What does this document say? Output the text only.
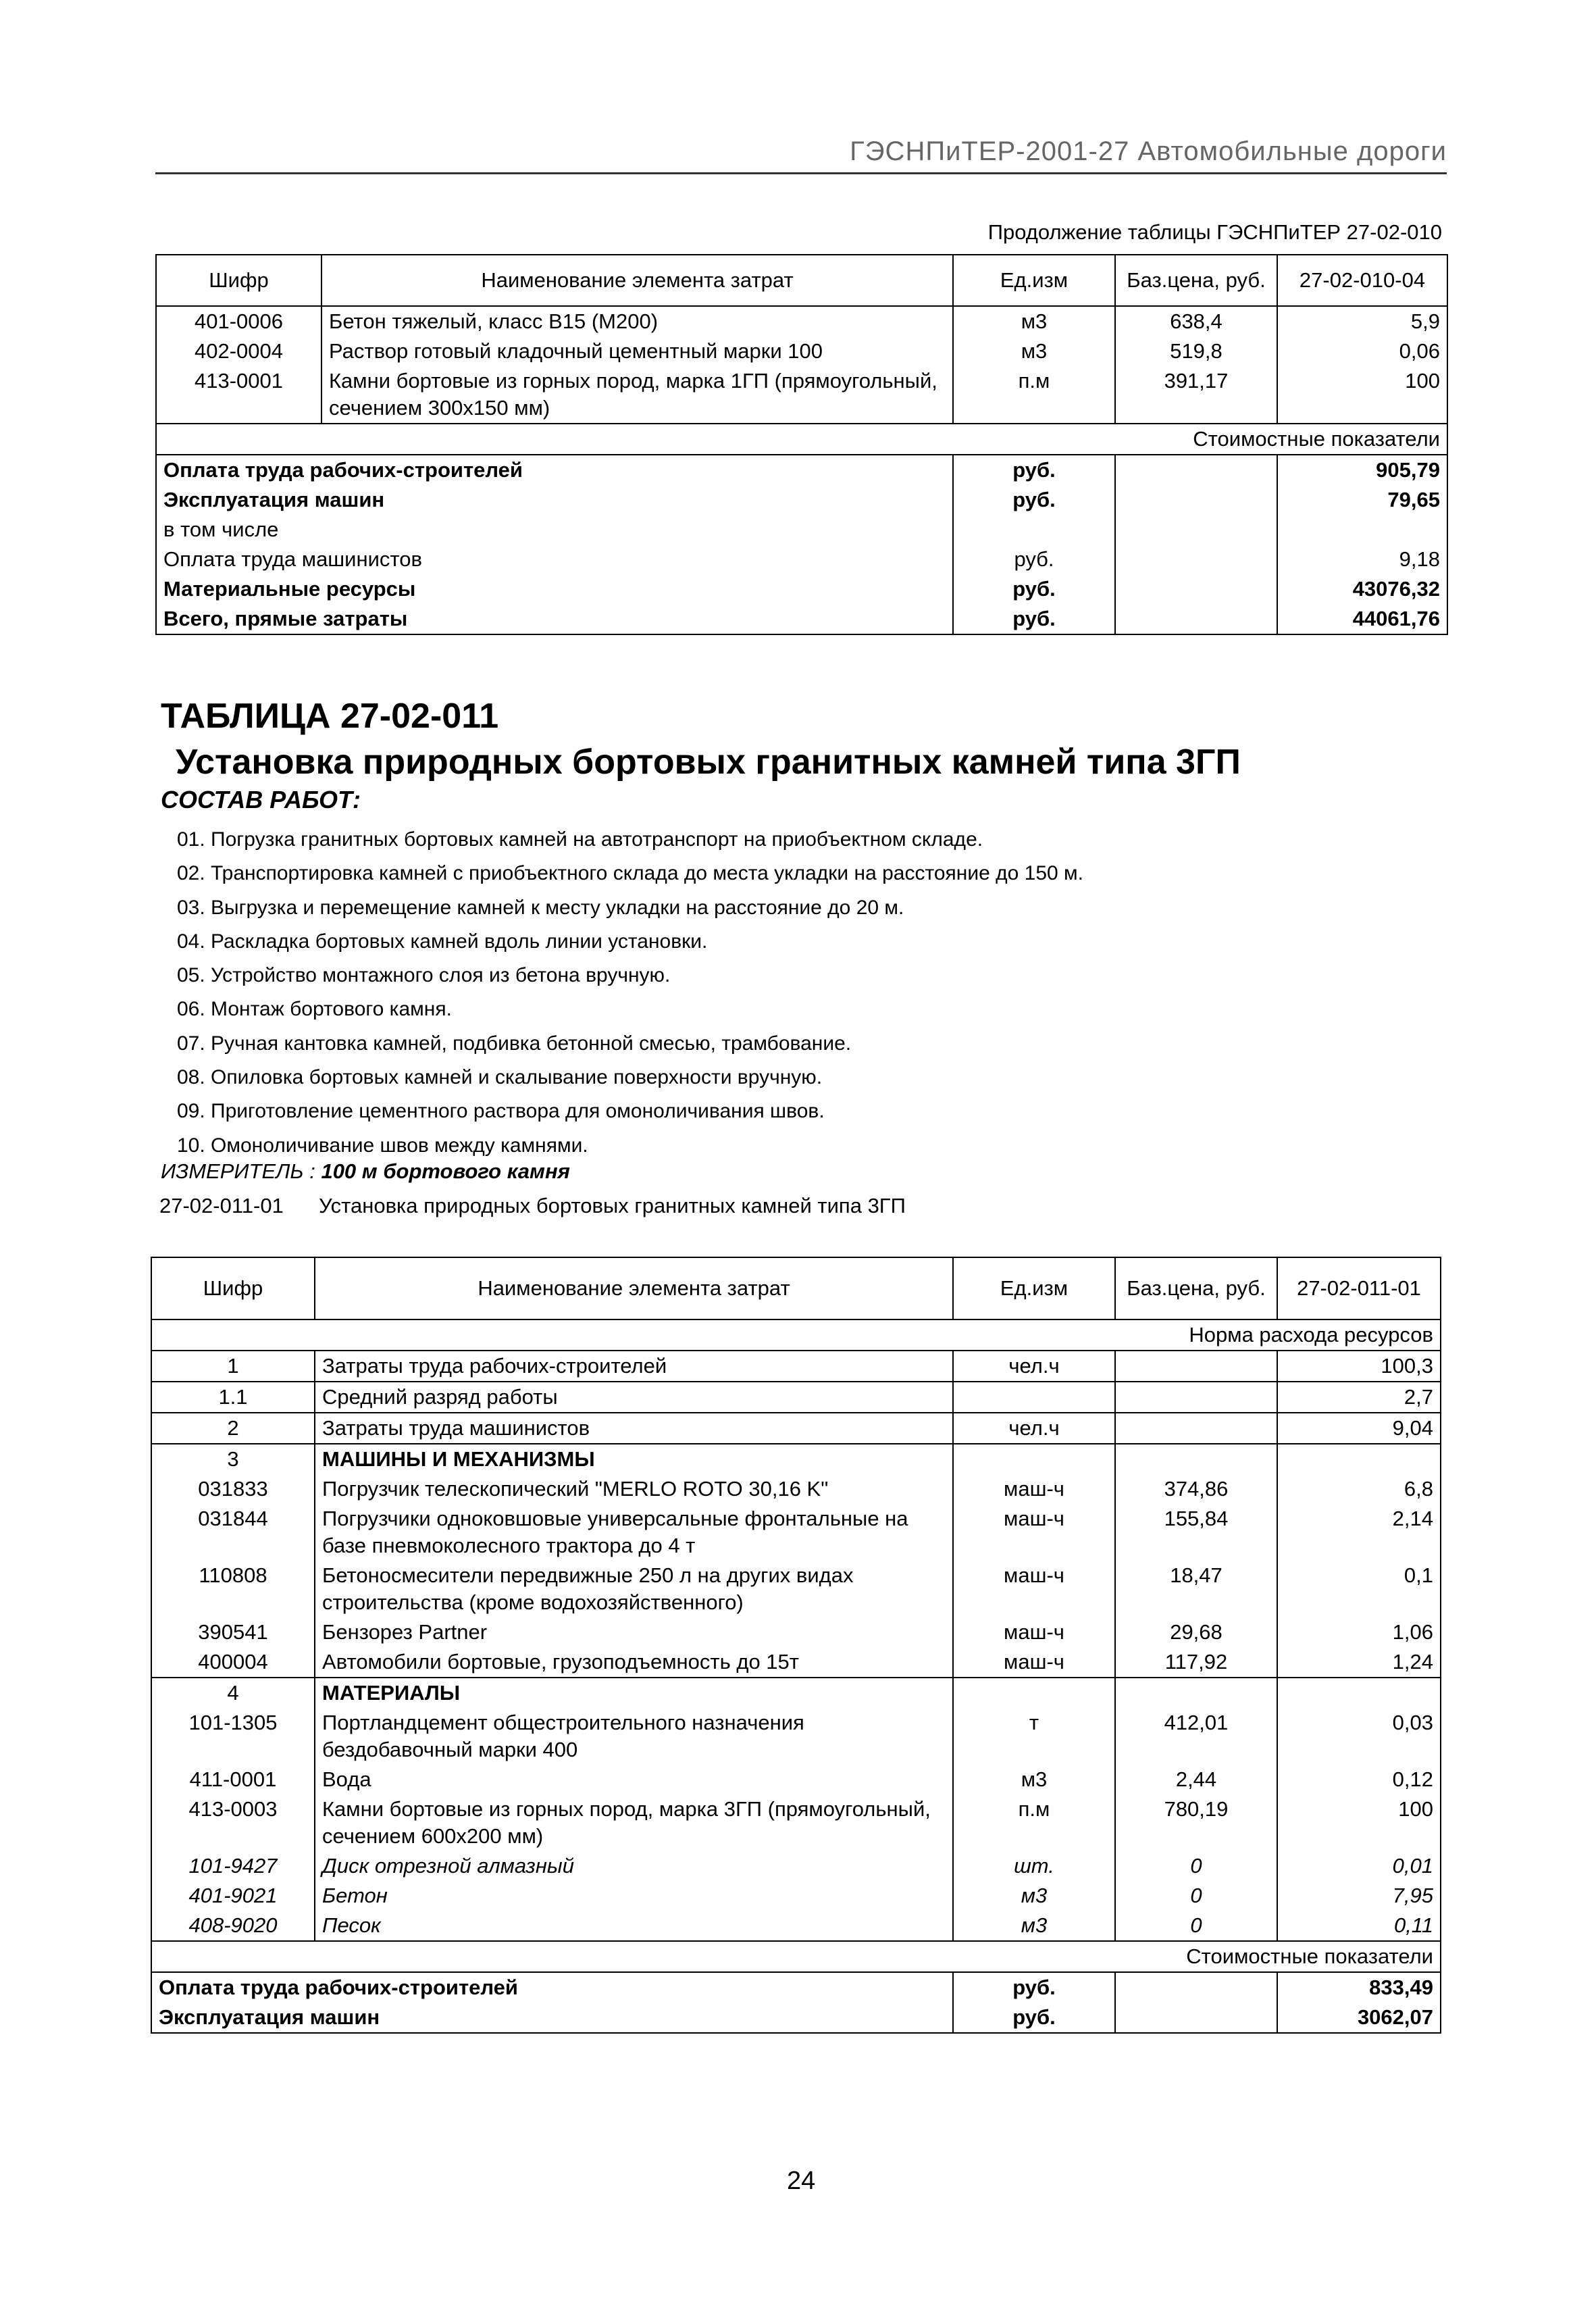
ГЭСНПиТЕР-2001-27 Автомобильные дороги
Продолжение таблицы ГЭСНПиТЕР 27-02-010
Шифр	Наименование элемента затрат	Ед.изм	Баз.цена, руб.	27-02-010-04
401-0006	Бетон тяжелый, класс В15 (М200)	м3	638,4	5,9
402-0004	Раствор готовый кладочный цементный марки 100	м3	519,8	0,06
413-0001	Камни бортовые из горных пород, марка 1ГП (прямоугольный, сечением 300х150 мм)	п.м	391,17	100
Стоимостные показатели				
Оплата труда рабочих-строителей		руб.		905,79
Эксплуатация машин		руб.		79,65
в том числе				
Оплата труда машинистов		руб.		9,18
Материальные ресурсы		руб.		43076,32
Всего, прямые затраты		руб.		44061,76
ТАБЛИЦА 27-02-011
Установка природных бортовых гранитных камней типа 3ГП
СОСТАВ РАБОТ:
01. Погрузка гранитных бортовых камней на автотранспорт на приобъектном складе.
02. Транспортировка камней с приобъектного склада до места укладки на расстояние до 150 м.
03. Выгрузка и перемещение камней к месту укладки на расстояние до 20 м.
04. Раскладка бортовых камней вдоль линии установки.
05. Устройство монтажного слоя из бетона вручную.
06. Монтаж бортового камня.
07. Ручная кантовка камней, подбивка бетонной смесью, трамбование.
08. Опиловка бортовых камней и скалывание поверхности вручную.
09. Приготовление цементного раствора для омоноличивания швов.
10. Омоноличивание швов между камнями.
ИЗМЕРИТЕЛЬ : 100 м бортового камня
27-02-011-01 Установка природных бортовых гранитных камней типа 3ГП
Шифр	Наименование элемента затрат	Ед.изм	Баз.цена, руб.	27-02-011-01
Норма расхода ресурсов				
1	Затраты труда рабочих-строителей	чел.ч		100,3
1.1	Средний разряд работы			2,7
2	Затраты труда машинистов	чел.ч		9,04
3	МАШИНЫ И МЕХАНИЗМЫ			
031833	Погрузчик телескопический "MERLO ROTO 30,16 K"	маш-ч	374,86	6,8
031844	Погрузчики одноковшовые универсальные фронтальные на базе пневмоколесного трактора до 4 т	маш-ч	155,84	2,14
110808	Бетоносмесители передвижные 250 л на других видах строительства (кроме водохозяйственного)	маш-ч	18,47	0,1
390541	Бензорез Partner	маш-ч	29,68	1,06
400004	Автомобили бортовые, грузоподъемность до 15т	маш-ч	117,92	1,24
4	МАТЕРИАЛЫ			
101-1305	Портландцемент общестроительного назначения бездобавочный марки 400	т	412,01	0,03
411-0001	Вода	м3	2,44	0,12
413-0003	Камни бортовые из горных пород, марка 3ГП (прямоугольный, сечением 600х200 мм)	п.м	780,19	100
101-9427	Диск отрезной алмазный	шт.	0	0,01
401-9021	Бетон	м3	0	7,95
408-9020	Песок	м3	0	0,11
Стоимостные показатели				
Оплата труда рабочих-строителей		руб.		833,49
Эксплуатация машин		руб.		3062,07
24
